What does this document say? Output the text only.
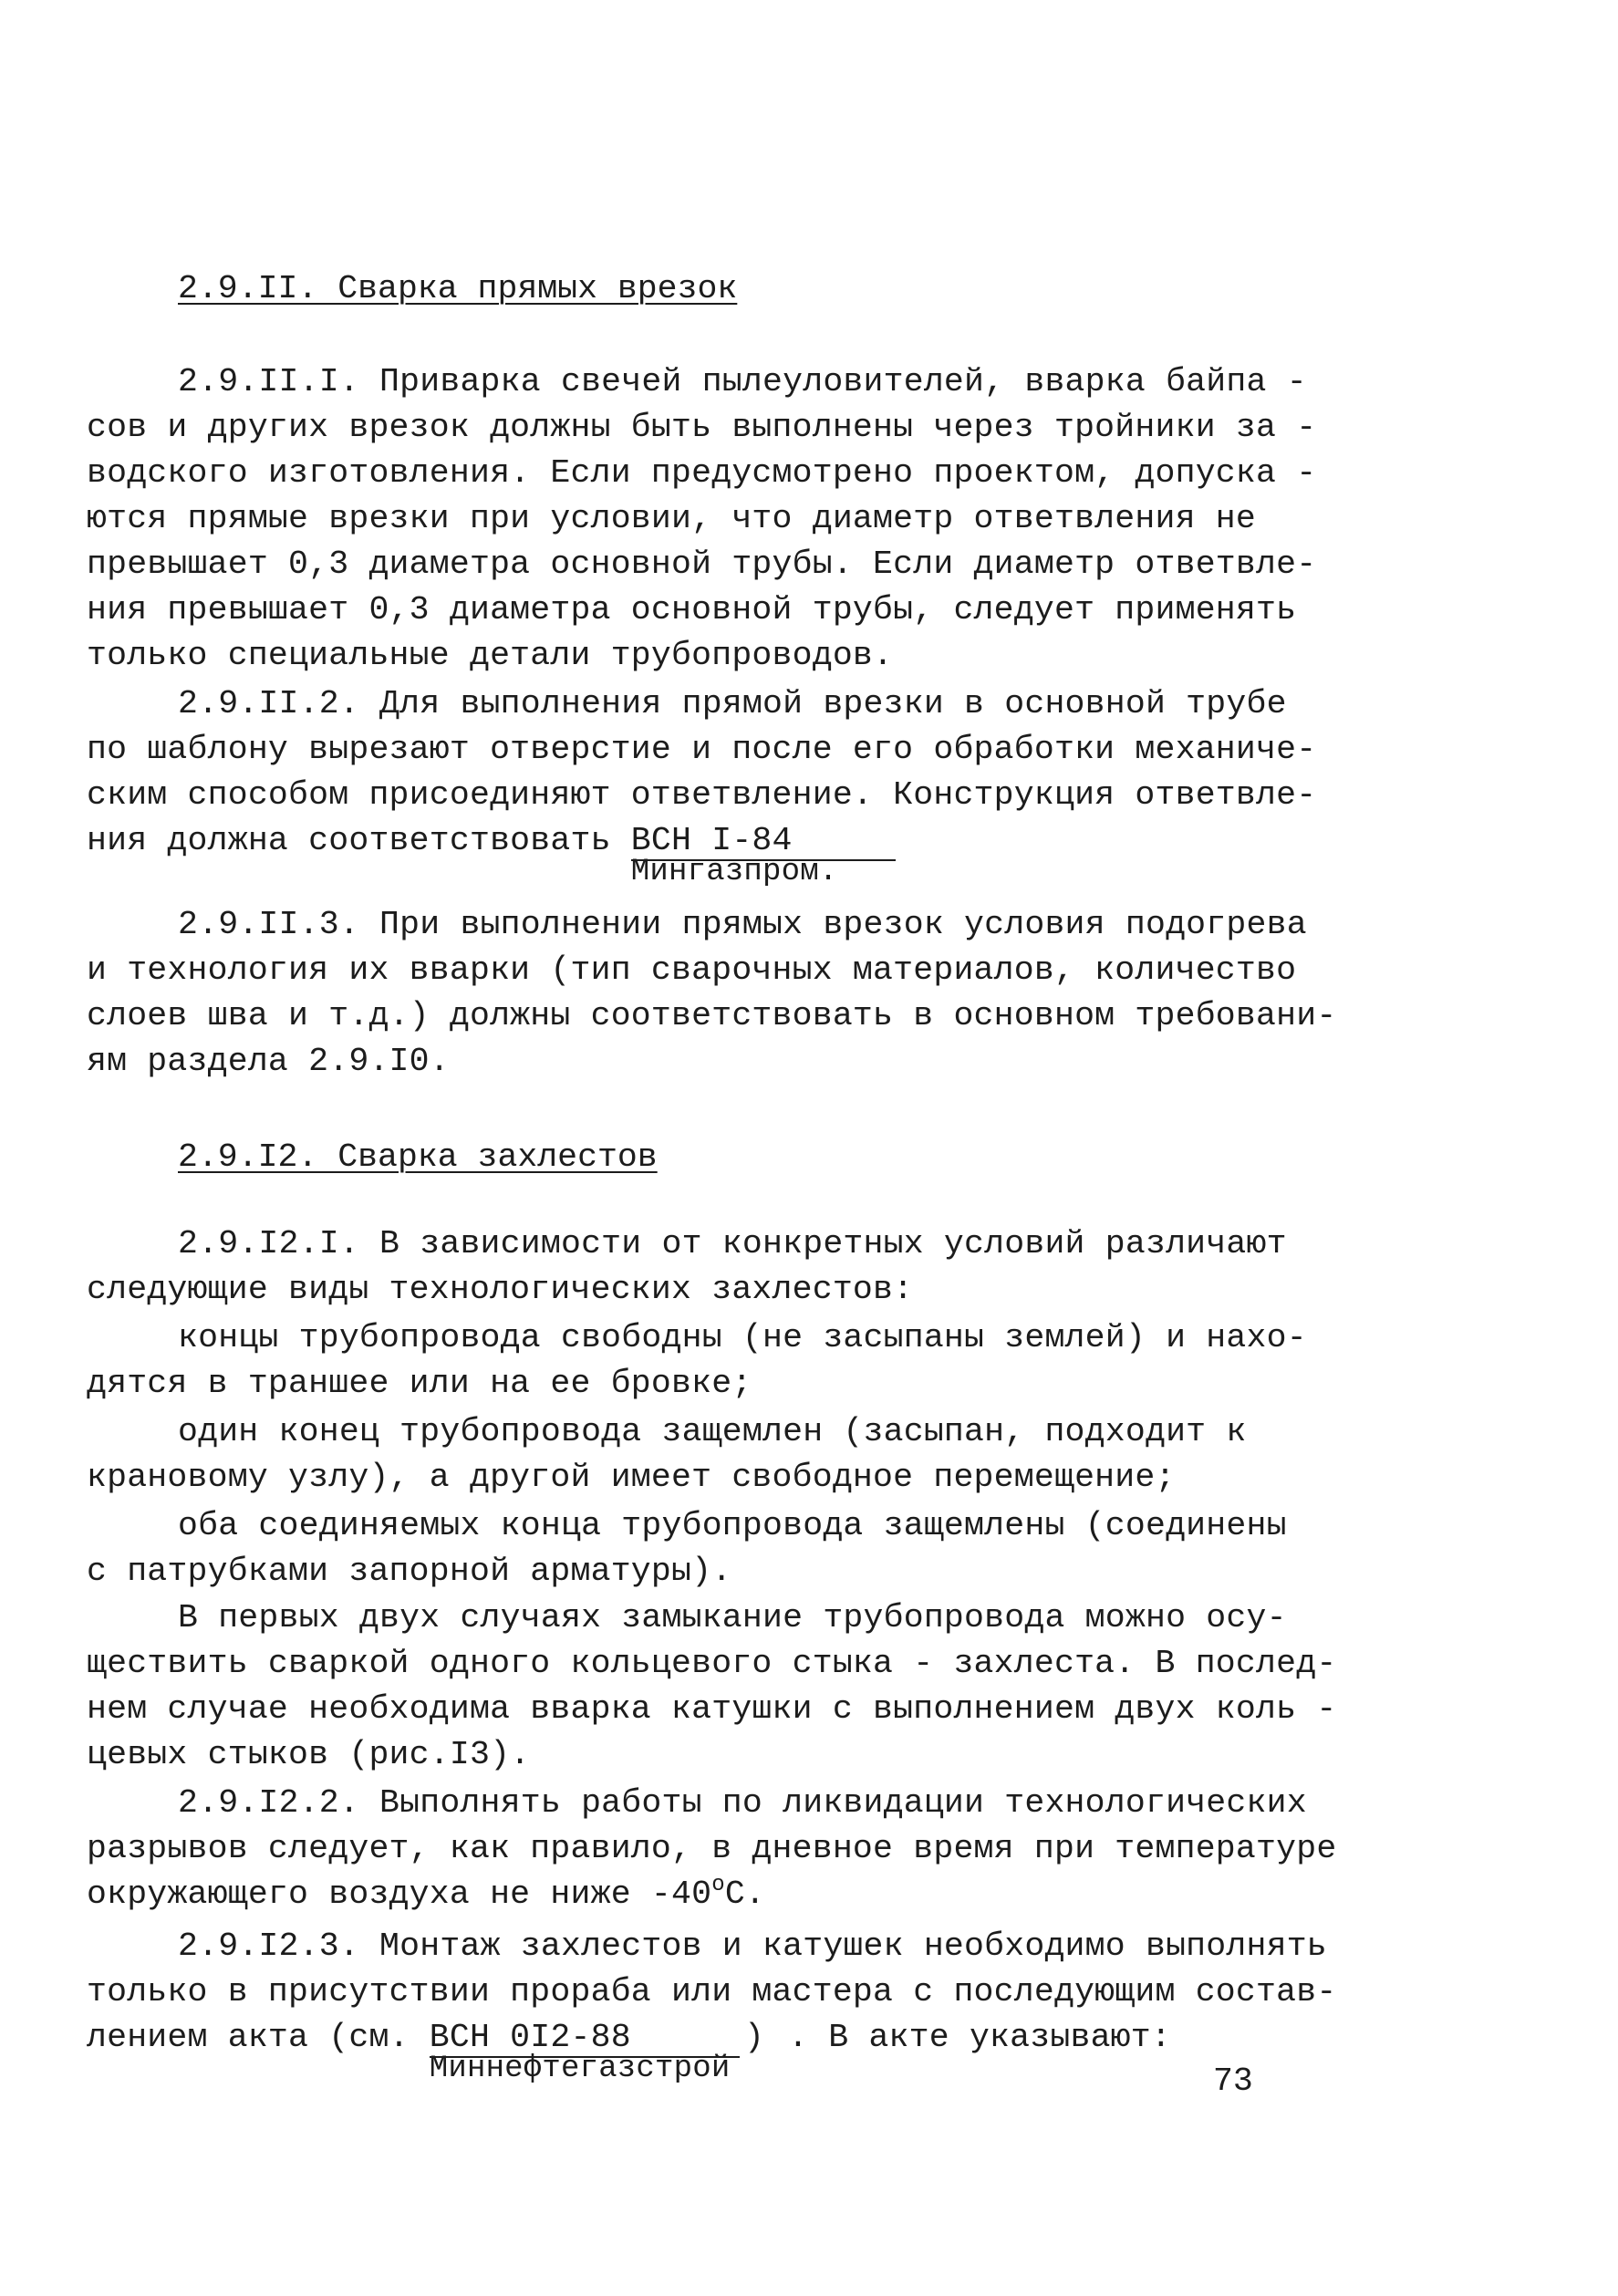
2.9.II. Сварка прямых врезок
2.9.II.I. Приварка свечей пылеуловителей, вварка байпа -
сов и других врезок должны быть выполнены через тройники за -
водского изготовления. Если предусмотрено проектом, допуска -
ются прямые врезки при условии, что диаметр ответвления не
превышает 0,3 диаметра основной трубы. Если диаметр ответвле-
ния превышает 0,3 диаметра основной трубы, следует применять
только специальные детали трубопроводов.
2.9.II.2. Для выполнения прямой врезки в основной трубе
по шаблону вырезают отверстие и после его обработки механиче-
ским способом присоединяют ответвление. Конструкция ответвле-
ния должна соответствовать ВСН I-84
Мингазпром.
2.9.II.3. При выполнении прямых врезок условия подогрева
и технология их вварки (тип сварочных материалов, количество
слоев шва и т.д.) должны соответствовать в основном требовани-
ям раздела 2.9.I0.
2.9.I2. Сварка захлестов
2.9.I2.I. В зависимости от конкретных условий различают
следующие виды технологических захлестов:
концы трубопровода свободны (не засыпаны землей) и нахо-
дятся в траншее или на ее бровке;
один конец трубопровода защемлен (засыпан, подходит к
крановому узлу), а другой имеет свободное перемещение;
оба соединяемых конца трубопровода защемлены (соединены
с патрубками запорной арматуры).
В первых двух случаях замыкание трубопровода можно осу-
ществить сваркой одного кольцевого стыка - захлеста. В послед-
нем случае необходима вварка катушки с выполнением двух коль -
цевых стыков (рис.I3).
2.9.I2.2. Выполнять работы по ликвидации технологических
разрывов следует, как правило, в дневное время при температуре
окружающего воздуха не ниже $-40^оС$.
2.9.I2.3. Монтаж захлестов и катушек необходимо выполнять
только в присутствии прораба или мастера с последующим состав-
лением акта (см. ВСН 0I2-88	)
Миннефтегазстрой
. В акте указывают:
73
